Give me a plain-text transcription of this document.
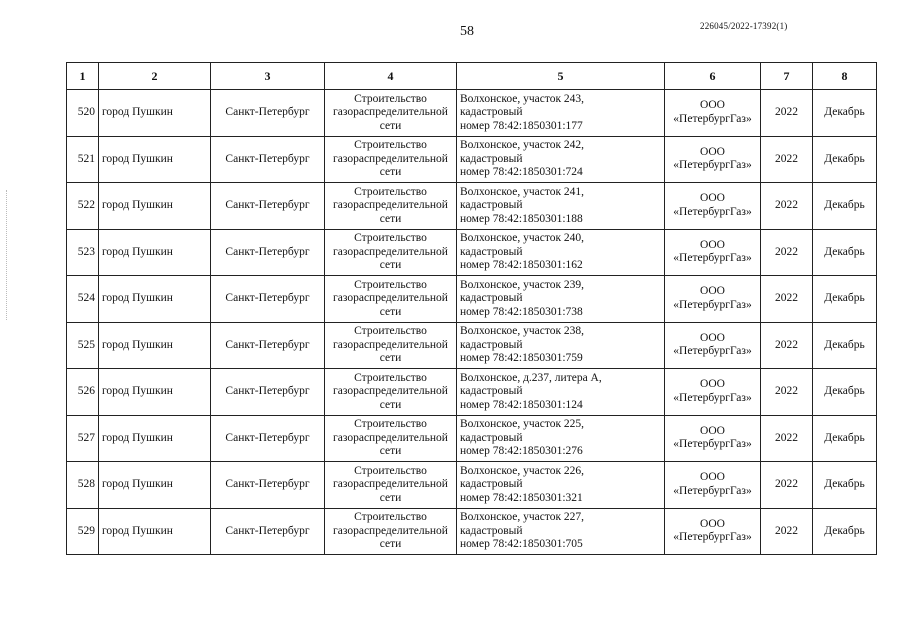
58	226045/2022-17392(1)
1	2	3	4	5	6	7	8
520	город Пушкин	Санкт-Петербург	Строительство
газораспределительной
сети	Волхонское, участок 243,
кадастровый
номер 78:42:1850301:177	ООО
«ПетербургГаз»	2022	Декабрь
521	город Пушкин	Санкт-Петербург	Строительство
газораспределительной
сети	Волхонское, участок 242,
кадастровый
номер 78:42:1850301:724	ООО
«ПетербургГаз»	2022	Декабрь
522	город Пушкин	Санкт-Петербург	Строительство
газораспределительной
сети	Волхонское, участок 241,
кадастровый
номер 78:42:1850301:188	ООО
«ПетербургГаз»	2022	Декабрь
523	город Пушкин	Санкт-Петербург	Строительство
газораспределительной
сети	Волхонское, участок 240,
кадастровый
номер 78:42:1850301:162	ООО
«ПетербургГаз»	2022	Декабрь
524	город Пушкин	Санкт-Петербург	Строительство
газораспределительной
сети	Волхонское, участок 239,
кадастровый
номер 78:42:1850301:738	ООО
«ПетербургГаз»	2022	Декабрь
525	город Пушкин	Санкт-Петербург	Строительство
газораспределительной
сети	Волхонское, участок 238,
кадастровый
номер 78:42:1850301:759	ООО
«ПетербургГаз»	2022	Декабрь
526	город Пушкин	Санкт-Петербург	Строительство
газораспределительной
сети	Волхонское, д.237, литера А,
кадастровый
номер 78:42:1850301:124	ООО
«ПетербургГаз»	2022	Декабрь
527	город Пушкин	Санкт-Петербург	Строительство
газораспределительной
сети	Волхонское, участок 225,
кадастровый
номер 78:42:1850301:276	ООО
«ПетербургГаз»	2022	Декабрь
528	город Пушкин	Санкт-Петербург	Строительство
газораспределительной
сети	Волхонское, участок 226,
кадастровый
номер 78:42:1850301:321	ООО
«ПетербургГаз»	2022	Декабрь
529	город Пушкин	Санкт-Петербург	Строительство
газораспределительной
сети	Волхонское, участок 227,
кадастровый
номер 78:42:1850301:705	ООО
«ПетербургГаз»	2022	Декабрь
